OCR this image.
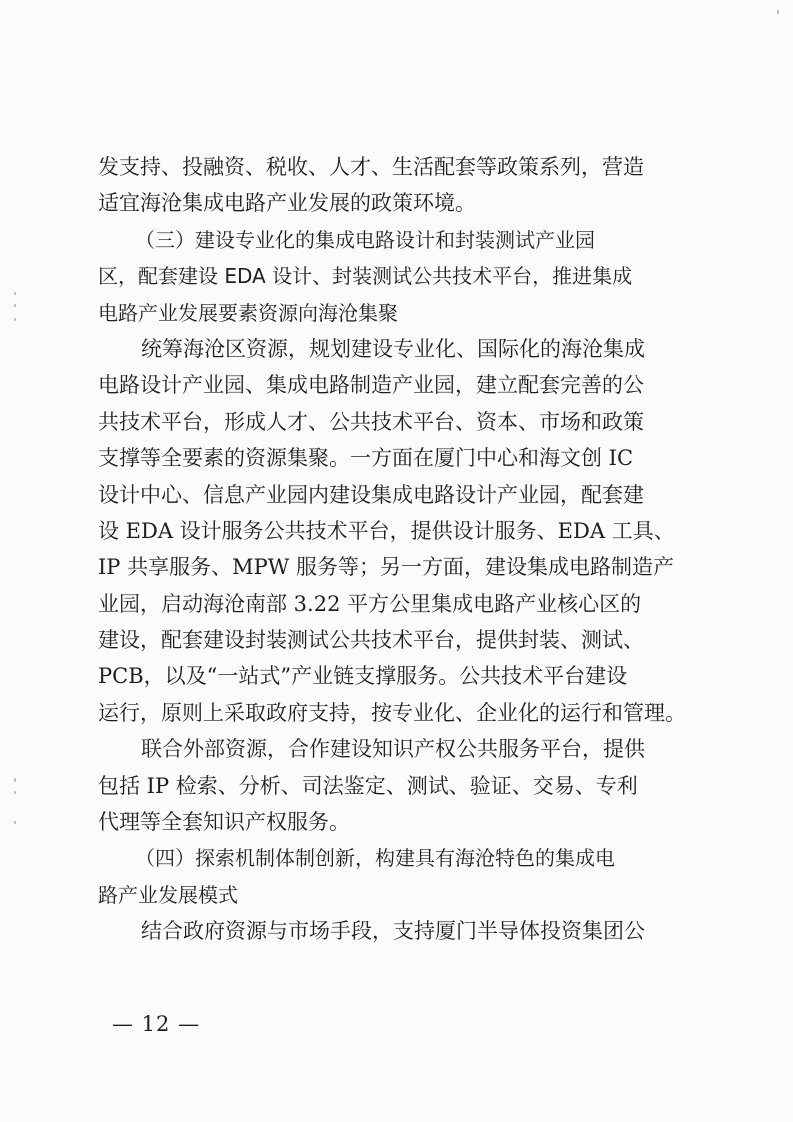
发支持、投融资、税收、人才、生活配套等政策系列，营造
适宜海沧集成电路产业发展的政策环境。
（三）建设专业化的集成电路设计和封装测试产业园
区，配套建设 EDA 设计、封装测试公共技术平台，推进集成
电路产业发展要素资源向海沧集聚
统筹海沧区资源，规划建设专业化、国际化的海沧集成
电路设计产业园、集成电路制造产业园，建立配套完善的公
共技术平台，形成人才、公共技术平台、资本、市场和政策
支撑等全要素的资源集聚。一方面在厦门中心和海文创 IC
设计中心、信息产业园内建设集成电路设计产业园，配套建
设 EDA 设计服务公共技术平台，提供设计服务、EDA 工具、
IP 共享服务、MPW 服务等；另一方面，建设集成电路制造产
业园，启动海沧南部 3.22 平方公里集成电路产业核心区的
建设，配套建设封装测试公共技术平台，提供封装、测试、
PCB，以及“一站式”产业链支撑服务。公共技术平台建设
运行，原则上采取政府支持，按专业化、企业化的运行和管理。
联合外部资源，合作建设知识产权公共服务平台，提供
包括 IP 检索、分析、司法鉴定、测试、验证、交易、专利
代理等全套知识产权服务。
（四）探索机制体制创新，构建具有海沧特色的集成电
路产业发展模式
结合政府资源与市场手段，支持厦门半导体投资集团公
— 12 —
